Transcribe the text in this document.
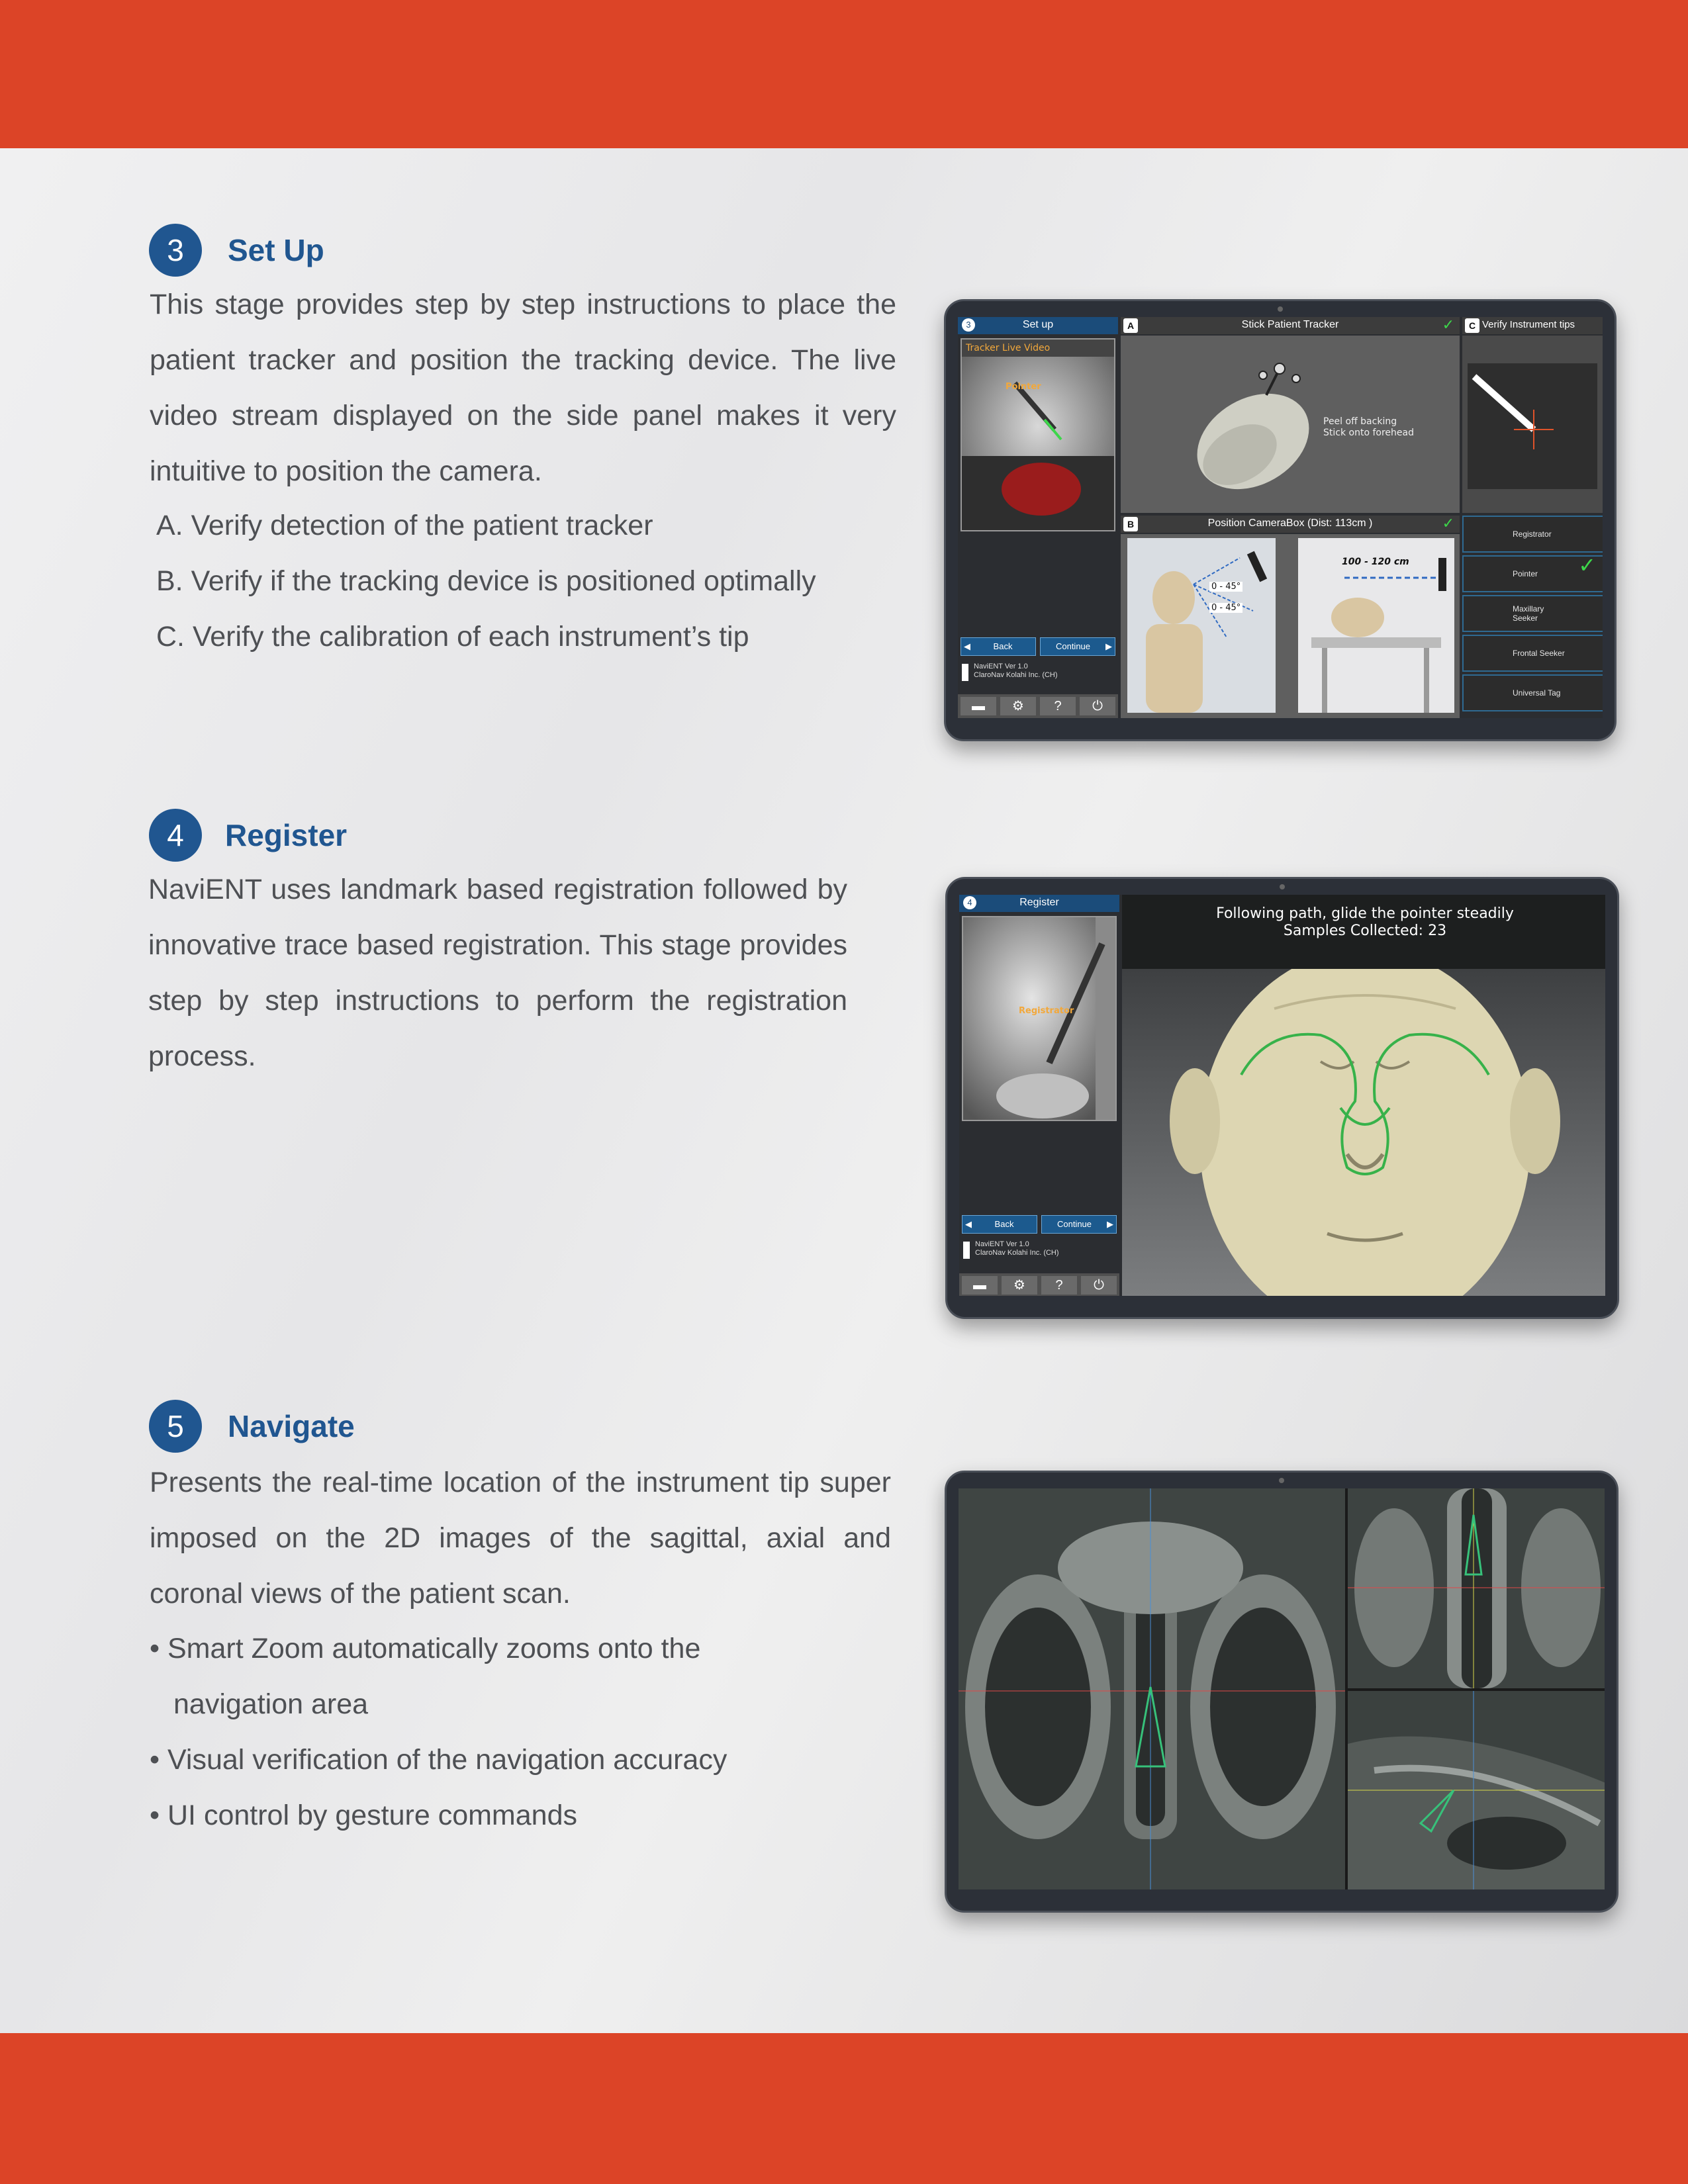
3	Set Up

This stage provides step by step instructions to place the patient tracker and position the tracking device. The live video stream displayed on the side panel makes it very intuitive to position the camera.

A. Verify detection of the patient tracker
B. Verify if the tracking device is positioned optimally
C. Verify the calibration of each instrument’s tip
3	Set up
Tracker Live Video
Pointer
◀	Back	Continue ▶
NaviENT Ver 1.0
ClaroNav Kolahi Inc. (CH)
▬	⚙	?	⏻
A	Stick Patient Tracker	✓
Peel off backing
Stick onto forehead
B	Position CameraBox (Dist: 113cm )	✓
0 - 45°
0 - 45°
100 - 120 cm
C Verify Instrument tips
Registrator
Pointer ✓
Maxillary Seeker
Frontal Seeker
Universal Tag
4	Register

NaviENT uses landmark based registration followed by innovative trace based registration. This stage provides step by step instructions to perform the registration process.

4	Register
Registrator
◀	Back	Continue ▶
NaviENT Ver 1.0
ClaroNav Kolahi Inc. (CH)
▬	⚙	?	⏻
Following path, glide the pointer steadily
Samples Collected: 23
5	Navigate

Presents the real-time location of the instrument tip super imposed on the 2D images of the sagittal, axial and coronal views of the patient scan.

• Smart Zoom automatically zooms onto the navigation area
• Visual verification of the navigation accuracy
• UI control by gesture commands
